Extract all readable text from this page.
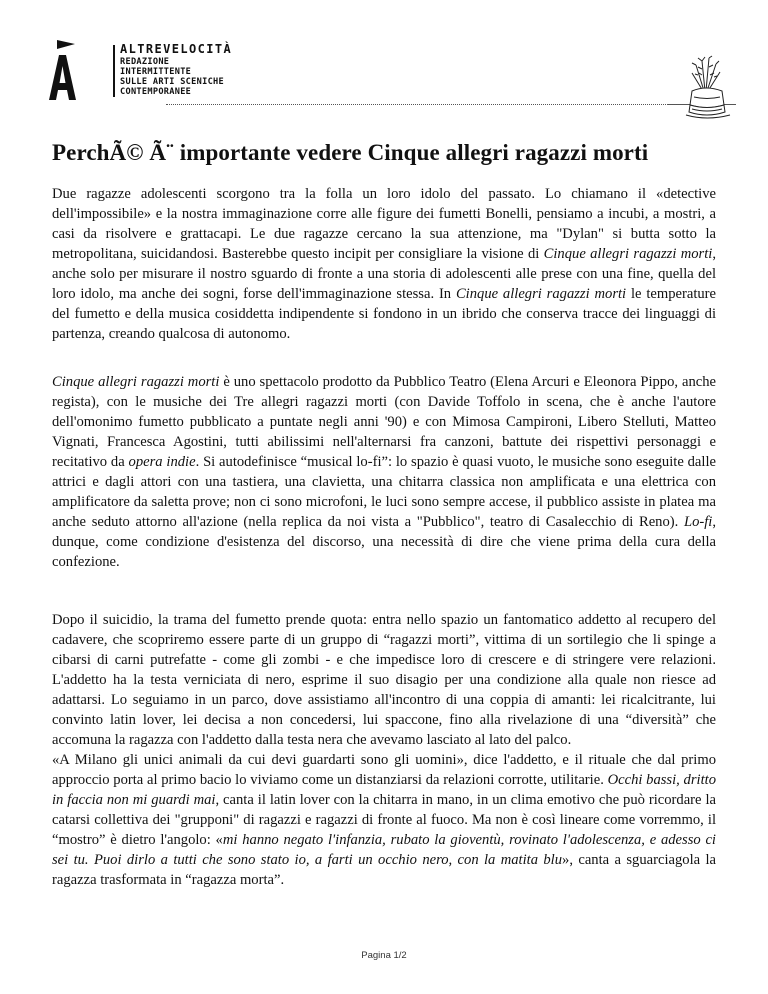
ALTREVELOCITÀ
REDAZIONE
INTERMITTENTE
SULLE ARTI SCENICHE
CONTEMPORANEE
PerchÃ© Ã¨ importante vedere Cinque allegri ragazzi morti

Due ragazze adolescenti scorgono tra la folla un loro idolo del passato. Lo chiamano il «detective dell'impossibile» e la nostra immaginazione corre alle figure dei fumetti Bonelli, pensiamo a incubi, a mostri, a casi da risolvere e grattacapi. Le due ragazze cercano la sua attenzione, ma "Dylan" si butta sotto la metropolitana, suicidandosi. Basterebbe questo incipit per consigliare la visione di Cinque allegri ragazzi morti, anche solo per misurare il nostro sguardo di fronte a una storia di adolescenti alle prese con una fine, quella del loro idolo, ma anche dei sogni, forse dell'immaginazione stessa. In Cinque allegri ragazzi morti le temperature del fumetto e della musica cosiddetta indipendente si fondono in un ibrido che conserva tracce dei linguaggi di partenza, creando qualcosa di autonomo.

Cinque allegri ragazzi morti è uno spettacolo prodotto da Pubblico Teatro (Elena Arcuri e Eleonora Pippo, anche regista), con le musiche dei Tre allegri ragazzi morti (con Davide Toffolo in scena, che è anche l'autore dell'omonimo fumetto pubblicato a puntate negli anni '90) e con Mimosa Campironi, Libero Stelluti, Matteo Vignati, Francesca Agostini, tutti abilissimi nell'alternarsi fra canzoni, battute dei rispettivi personaggi e recitativo da opera indie. Si autodefinisce “musical lo-fi”: lo spazio è quasi vuoto, le musiche sono eseguite dalle attrici e dagli attori con una tastiera, una clavietta, una chitarra classica non amplificata e una elettrica con amplificatore da saletta prove; non ci sono microfoni, le luci sono sempre accese, il pubblico assiste in platea ma anche seduto attorno all'azione (nella replica da noi vista a "Pubblico", teatro di Casalecchio di Reno). Lo-fi, dunque, come condizione d'esistenza del discorso, una necessità di dire che viene prima della cura della confezione.

Dopo il suicidio, la trama del fumetto prende quota: entra nello spazio un fantomatico addetto al recupero del cadavere, che scopriremo essere parte di un gruppo di “ragazzi morti”, vittima di un sortilegio che li spinge a cibarsi di carni putrefatte - come gli zombi - e che impedisce loro di crescere e di stringere vere relazioni. L'addetto ha la testa verniciata di nero, esprime il suo disagio per una condizione alla quale non riesce ad adattarsi. Lo seguiamo in un parco, dove assistiamo all'incontro di una coppia di amanti: lei ricalcitrante, lui convinto latin lover, lei decisa a non concedersi, lui spaccone, fino alla rivelazione di una “diversità” che accomuna la ragazza con l'addetto dalla testa nera che avevamo lasciato al lato del palco.
«A Milano gli unici animali da cui devi guardarti sono gli uomini», dice l'addetto, e il rituale che dal primo approccio porta al primo bacio lo viviamo come un distanziarsi da relazioni corrotte, utilitarie. Occhi bassi, dritto in faccia non mi guardi mai, canta il latin lover con la chitarra in mano, in un clima emotivo che può ricordare la catarsi collettiva dei "grupponi" di ragazzi e ragazzi di fronte al fuoco. Ma non è così lineare come vorremmo, il “mostro” è dietro l'angolo: «mi hanno negato l'infanzia, rubato la gioventù, rovinato l'adolescenza, e adesso ci sei tu. Puoi dirlo a tutti che sono stato io, a farti un occhio nero, con la matita blu», canta a sguarciagola la ragazza trasformata in “ragazza morta”.

Pagina 1/2
